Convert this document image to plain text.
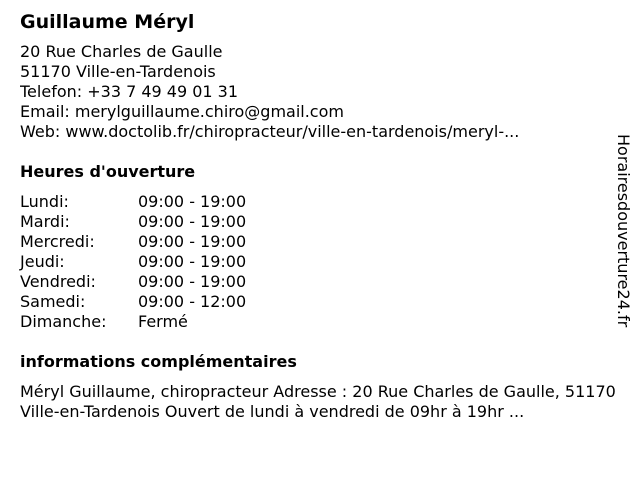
Guillaume Méryl
20 Rue Charles de Gaulle
51170 Ville-en-Tardenois
Telefon: +33 7 49 49 01 31
Email: merylguillaume.chiro@gmail.com
Web: www.doctolib.fr/chiropracteur/ville-en-tardenois/meryl-...
Heures d'ouverture
Lundi:	09:00 - 19:00
Mardi:	09:00 - 19:00
Mercredi:	09:00 - 19:00
Jeudi:	09:00 - 19:00
Vendredi:	09:00 - 19:00
Samedi:	09:00 - 12:00
Dimanche:	Fermé
informations complémentaires
Méryl Guillaume, chiropracteur Adresse : 20 Rue Charles de Gaulle, 51170 Ville-en-Tardenois Ouvert de lundi à vendredi de 09hr à 19hr ...
Horairesdouverture24.fr
